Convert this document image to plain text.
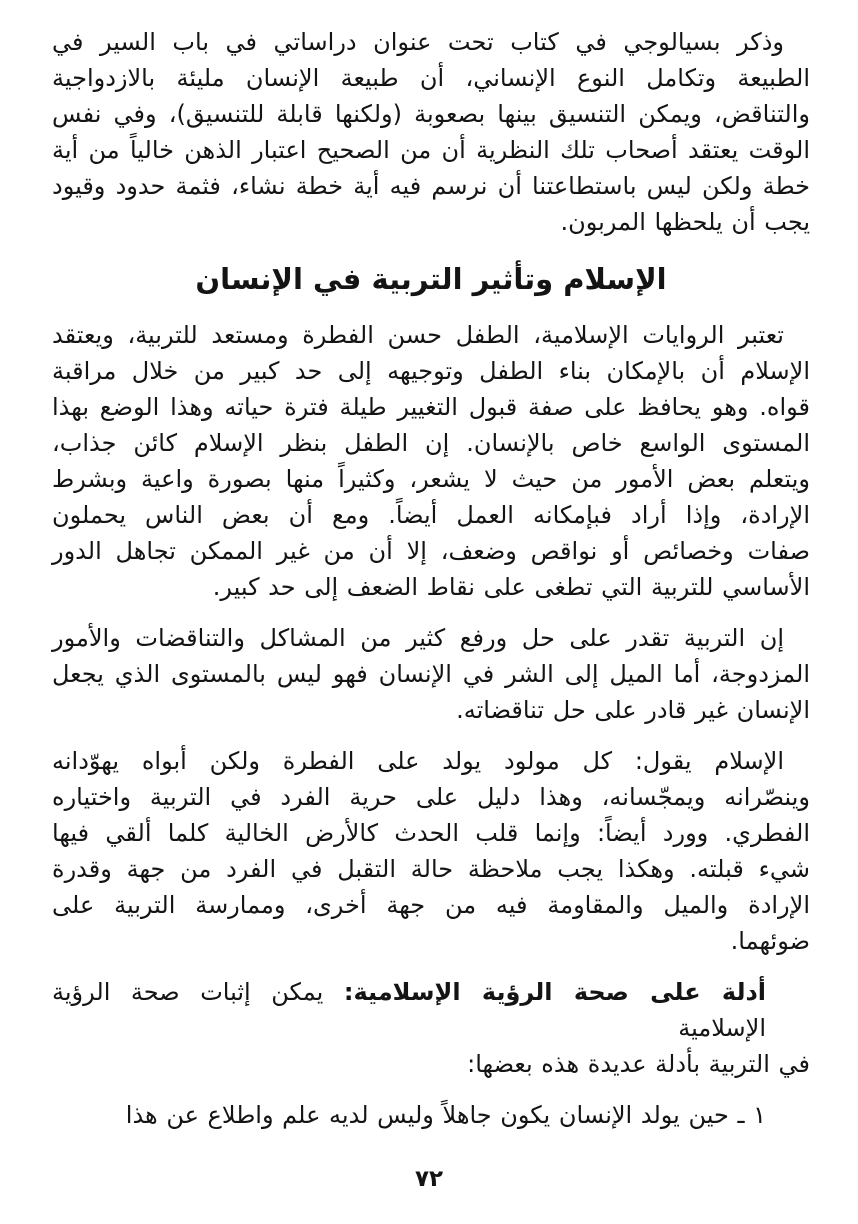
وذكر بسيالوجي في كتاب تحت عنوان دراساتي في باب السير في
الطبيعة وتكامل النوع الإنساني، أن طبيعة الإنسان مليئة بالازدواجية
والتناقض، ويمكن التنسيق بينها بصعوبة (ولكنها قابلة للتنسيق)، وفي نفس
الوقت يعتقد أصحاب تلك النظرية أن من الصحيح اعتبار الذهن خالياً من أية
خطة ولكن ليس باستطاعتنا أن نرسم فيه أية خطة نشاء، فثمة حدود وقيود
يجب أن يلحظها المربون.
الإسلام وتأثير التربية في الإنسان
تعتبر الروايات الإسلامية، الطفل حسن الفطرة ومستعد للتربية، ويعتقد
الإسلام أن بالإمكان بناء الطفل وتوجيهه إلى حد كبير من خلال مراقبة
قواه. وهو يحافظ على صفة قبول التغيير طيلة فترة حياته وهذا الوضع بهذا
المستوى الواسع خاص بالإنسان. إن الطفل بنظر الإسلام كائن جذاب،
ويتعلم بعض الأمور من حيث لا يشعر، وكثيراً منها بصورة واعية وبشرط
الإرادة، وإذا أراد فبإمكانه العمل أيضاً. ومع أن بعض الناس يحملون
صفات وخصائص أو نواقص وضعف، إلا أن من غير الممكن تجاهل الدور
الأساسي للتربية التي تطغى على نقاط الضعف إلى حد كبير.
إن التربية تقدر على حل ورفع كثير من المشاكل والتناقضات والأمور
المزدوجة، أما الميل إلى الشر في الإنسان فهو ليس بالمستوى الذي يجعل
الإنسان غير قادر على حل تناقضاته.
الإسلام يقول: كل مولود يولد على الفطرة ولكن أبواه يهوّدانه
وينصّرانه ويمجّسانه، وهذا دليل على حرية الفرد في التربية واختياره
الفطري. وورد أيضاً: وإنما قلب الحدث كالأرض الخالية كلما ألقي فيها
شيء قبلته. وهكذا يجب ملاحظة حالة التقبل في الفرد من جهة وقدرة
الإرادة والميل والمقاومة فيه من جهة أخرى، وممارسة التربية على
ضوئهما.
أدلة على صحة الرؤية الإسلامية: يمكن إثبات صحة الرؤية الإسلامية
في التربية بأدلة عديدة هذه بعضها:
١ ـ حين يولد الإنسان يكون جاهلاً وليس لديه علم واطلاع عن هذا
٧٢
